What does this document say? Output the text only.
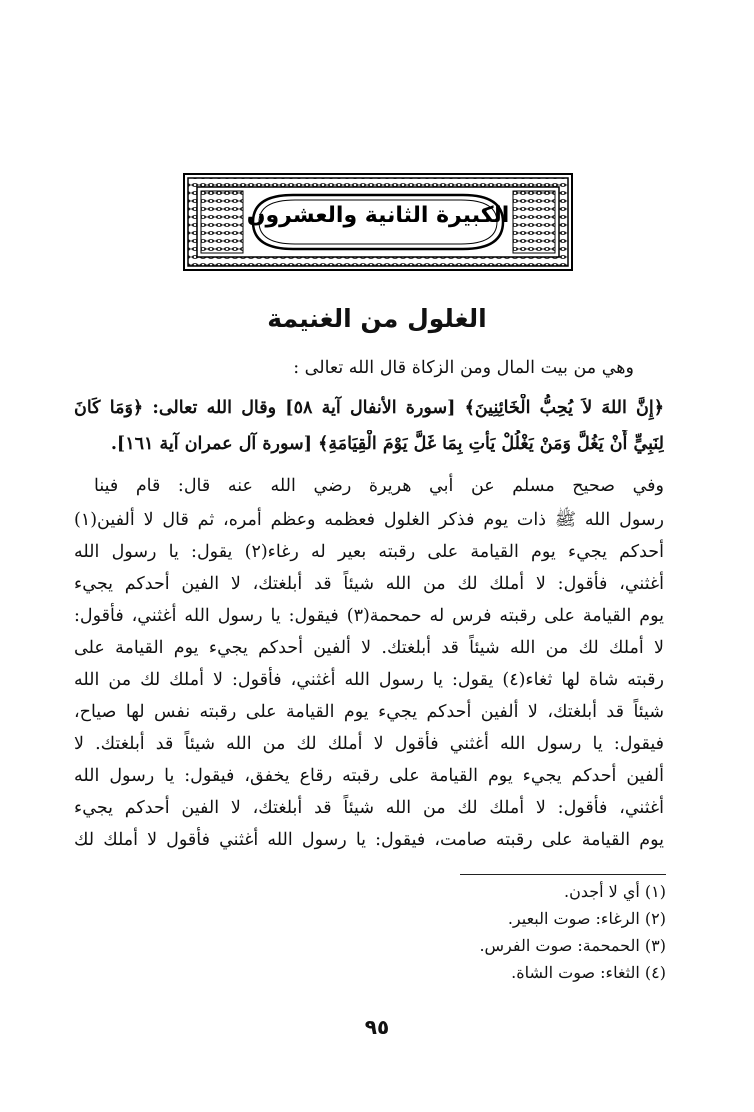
الكبيرة الثانية والعشرون
الغلول من الغنيمة
وهي من بيت المال ومن الزكاة قال الله تعالى :
﴿إِنَّ اللهَ لاَ يُحِبُّ الْخَائِنِينَ﴾ [سورة الأنفال آية ٥٨] وقال الله تعالى: ﴿وَمَا كَانَ
لِنَبِيٍّ أَنْ يَغُلَّ وَمَنْ يَغْلُلْ يَأْتِ بِمَا غَلَّ يَوْمَ الْقِيَامَةِ﴾ [سورة آل عمران آية ١٦١].
وفي صحيح مسلم عن أبي هريرة رضي الله عنه قال: قام فينا
رسول الله ﷺ ذات يوم فذكر الغلول فعظمه وعظم أمره، ثم قال لا ألفين(١)
أحدكم يجيء يوم القيامة على رقبته بعير له رغاء(٢) يقول: يا رسول الله
أغثني، فأقول: لا أملك لك من الله شيئاً قد أبلغتك، لا الفين أحدكم يجيء
يوم القيامة على رقبته فرس له حمحمة(٣) فيقول: يا رسول الله أغثني، فأقول:
لا أملك لك من الله شيئاً قد أبلغتك. لا ألفين أحدكم يجيء يوم القيامة على
رقبته شاة لها ثغاء(٤) يقول: يا رسول الله أغثني، فأقول: لا أملك لك من الله
شيئاً قد أبلغتك، لا ألفين أحدكم يجيء يوم القيامة على رقبته نفس لها صياح،
فيقول: يا رسول الله أغثني فأقول لا أملك لك من الله شيئاً قد أبلغتك. لا
ألفين أحدكم يجيء يوم القيامة على رقبته رقاع يخفق، فيقول: يا رسول الله
أغثني، فأقول: لا أملك لك من الله شيئاً قد أبلغتك، لا الفين أحدكم يجيء
يوم القيامة على رقبته صامت، فيقول: يا رسول الله أغثني فأقول لا أملك لك
(١) أي لا أجدن.
(٢) الرغاء: صوت البعير.
(٣) الحمحمة: صوت الفرس.
(٤) الثغاء: صوت الشاة.
٩٥
